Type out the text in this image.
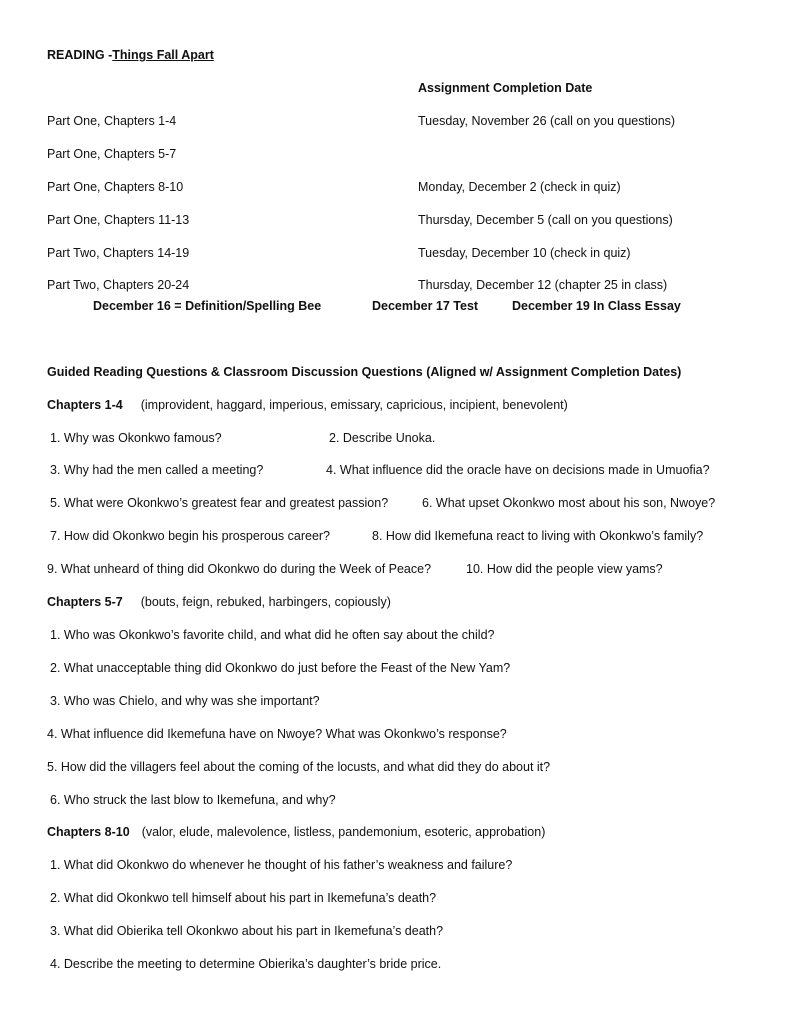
READING -Things Fall Apart
Assignment Completion Date
Part One, Chapters 1-4	Tuesday, November 26 (call on you questions)
Part One, Chapters 5-7
Part One, Chapters 8-10	Monday, December 2 (check in quiz)
Part One, Chapters 11-13	Thursday, December 5 (call on you questions)
Part Two, Chapters 14-19	Tuesday, December 10 (check in quiz)
Part Two, Chapters 20-24	Thursday, December 12 (chapter 25 in class)
December 16 = Definition/Spelling Bee	December 17 Test	December 19 In Class Essay
Guided Reading Questions & Classroom Discussion Questions (Aligned w/ Assignment Completion Dates)
Chapters 1-4 (improvident, haggard, imperious, emissary, capricious, incipient, benevolent)
1. Why was Okonkwo famous?	2. Describe Unoka.
3. Why had the men called a meeting?	4. What influence did the oracle have on decisions made in Umuofia?
5. What were Okonkwo’s greatest fear and greatest passion?	6. What upset Okonkwo most about his son, Nwoye?
7. How did Okonkwo begin his prosperous career?	8. How did Ikemefuna react to living with Okonkwo’s family?
9. What unheard of thing did Okonkwo do during the Week of Peace?	10. How did the people view yams?
Chapters 5-7 (bouts, feign, rebuked, harbingers, copiously)
1. Who was Okonkwo’s favorite child, and what did he often say about the child?
2. What unacceptable thing did Okonkwo do just before the Feast of the New Yam?
3. Who was Chielo, and why was she important?
4. What influence did Ikemefuna have on Nwoye? What was Okonkwo’s response?
5. How did the villagers feel about the coming of the locusts, and what did they do about it?
6. Who struck the last blow to Ikemefuna, and why?
Chapters 8-10 (valor, elude, malevolence, listless, pandemonium, esoteric, approbation)
1. What did Okonkwo do whenever he thought of his father’s weakness and failure?
2. What did Okonkwo tell himself about his part in Ikemefuna’s death?
3. What did Obierika tell Okonkwo about his part in Ikemefuna’s death?
4. Describe the meeting to determine Obierika’s daughter’s bride price.
